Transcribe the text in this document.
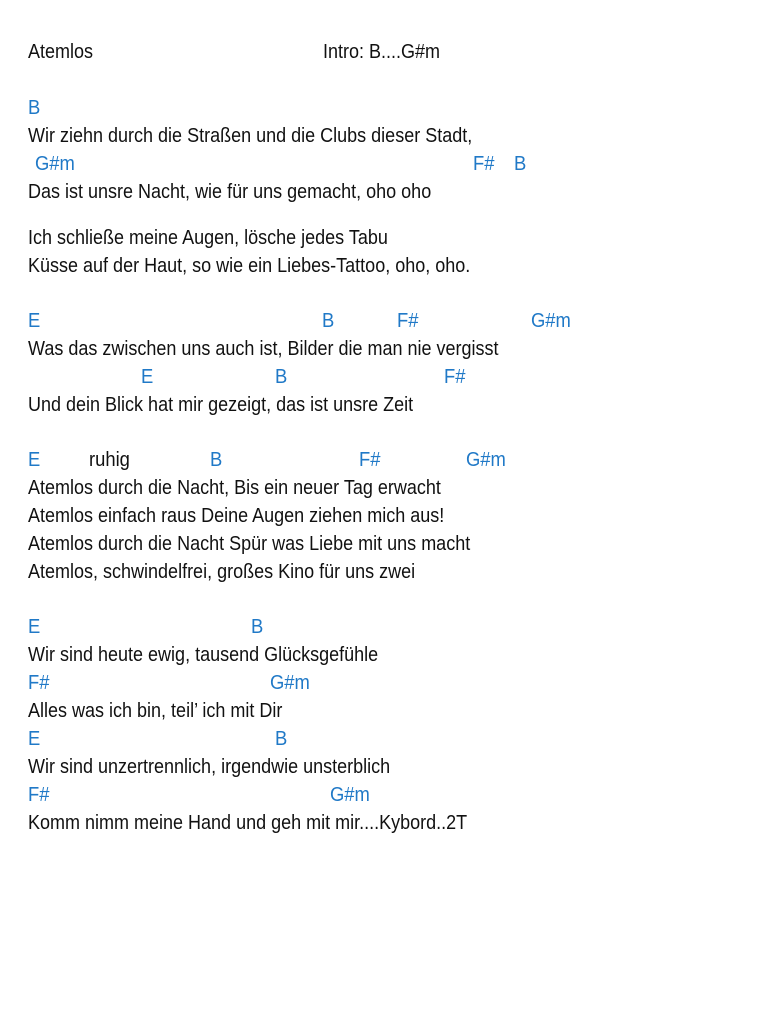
Atemlos	Intro: B....G#m
B
Wir ziehn durch die Straßen und die Clubs dieser Stadt,
G#m	F# B
Das ist unsre Nacht, wie für uns gemacht, oho oho
Ich schließe meine Augen, lösche jedes Tabu
Küsse auf der Haut, so wie ein Liebes-Tattoo, oho, oho.
E	B	F#	G#m
Was das zwischen uns auch ist, Bilder die man nie vergisst
E	B	F#
Und dein Blick hat mir gezeigt, das ist unsre Zeit
E ruhig	B	F#	G#m
Atemlos durch die Nacht, Bis ein neuer Tag erwacht
Atemlos einfach raus Deine Augen ziehen mich aus!
Atemlos durch die Nacht Spür was Liebe mit uns macht
Atemlos, schwindelfrei, großes Kino für uns zwei
E	B
Wir sind heute ewig, tausend Glücksgefühle
F#	G#m
Alles was ich bin, teil’ ich mit Dir
E	B
Wir sind unzertrennlich, irgendwie unsterblich
F#	G#m
Komm nimm meine Hand und geh mit mir....Kybord..2T
